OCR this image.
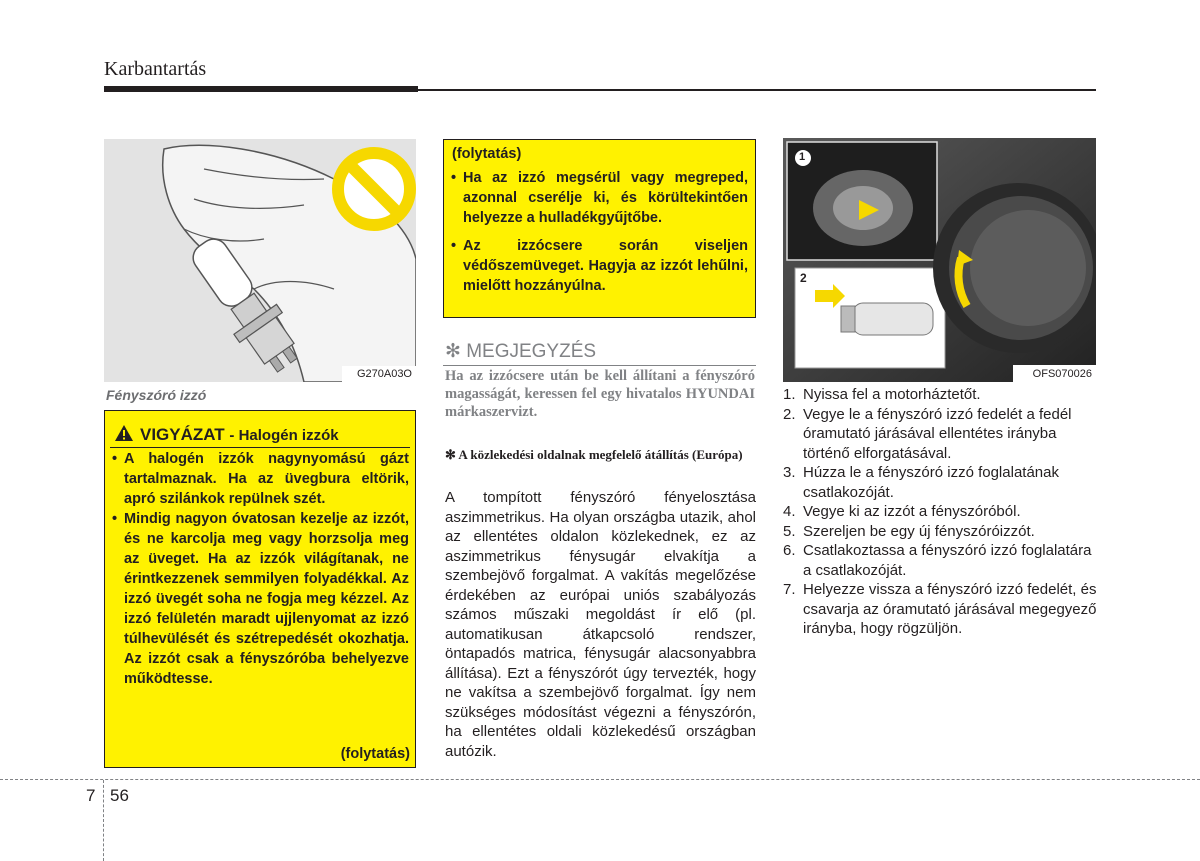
Karbantartás
G270A03O
Fényszóró izzó
VIGYÁZAT - Halogén izzók
• A halogén izzók nagynyomású gázt tartalmaznak. Ha az üvegbura eltörik, apró szilánkok repülnek szét.
• Mindig nagyon óvatosan kezelje az izzót, és ne karcolja meg vagy horzsolja meg az üveget. Ha az izzók világítanak, ne érintkezzenek semmilyen folyadékkal. Az izzó üvegét soha ne fogja meg kézzel. Az izzó felületén maradt ujjlenyomat az izzó túlhevülését és szétrepedését okozhatja. Az izzót csak a fényszóróba behelyezve működtesse.
(folytatás)
(folytatás)
• Ha az izzó megsérül vagy megreped, azonnal cserélje ki, és körültekintően helyezze a hulladékgyűjtőbe.
• Az izzócsere során viseljen védőszemüveget. Hagyja az izzót lehűlni, mielőtt hozzányúlna.
✻ MEGJEGYZÉS
Ha az izzócsere után be kell állítani a fényszóró magasságát, keressen fel egy hivatalos HYUNDAI márkaszervizt.
✻ A közlekedési oldalnak megfelelő átállítás (Európa)
A tompított fényszóró fényelosztása aszimmetrikus. Ha olyan országba utazik, ahol az ellentétes oldalon közlekednek, ez az aszimmetrikus fénysugár elvakítja a szembejövő forgalmat. A vakítás megelőzése érdekében az európai uniós szabályozás számos műszaki megoldást ír elő (pl. automatikusan átkapcsoló rendszer, öntapadós matrica, fénysugár alacsonyabbra állítása). Ezt a fényszórót úgy tervezték, hogy ne vakítsa a szembejövő forgalmat. Így nem szükséges módosítást végezni a fényszórón, ha ellentétes oldali közlekedésű országban autózik.
OFS070026
1
2
1. Nyissa fel a motorháztetőt.
2. Vegye le a fényszóró izzó fedelét a fedél óramutató járásával ellentétes irányba történő elforgatásával.
3. Húzza le a fényszóró izzó foglalatának csatlakozóját.
4. Vegye ki az izzót a fényszóróból.
5. Szereljen be egy új fényszóróizzót.
6. Csatlakoztassa a fényszóró izzó foglalatára a csatlakozóját.
7. Helyezze vissza a fényszóró izzó fedelét, és csavarja az óramutató járásával megegyező irányba, hogy rögzüljön.
7 56
